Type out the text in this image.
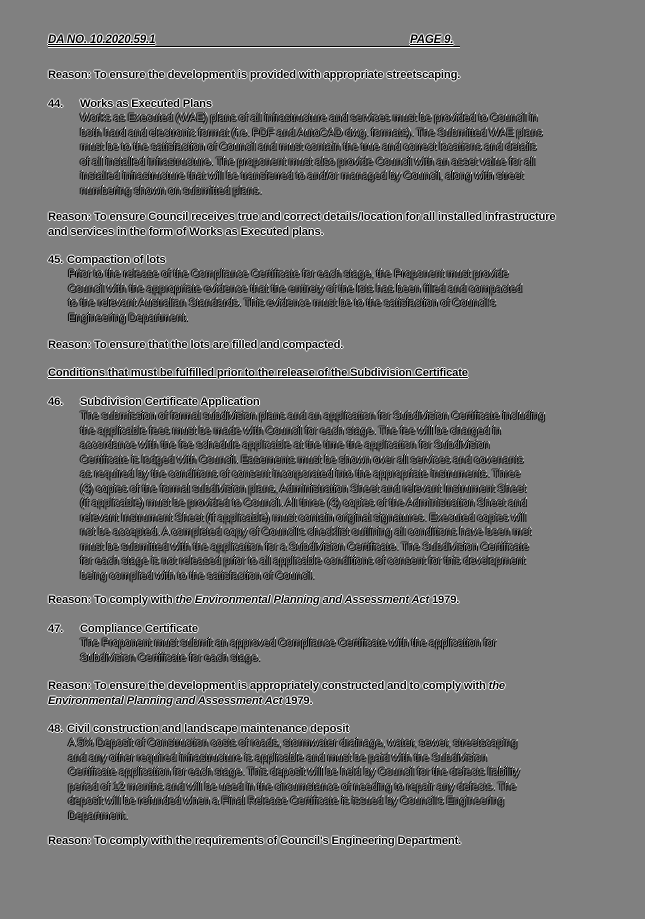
DA NO. 10.2020.59.1	PAGE 9.
Reason: To ensure the development is provided with appropriate streetscaping.
44. Works as Executed Plans

Works as Executed (WAE) plans of all infrastructure and services must be provided to Council in

both hard and electronic format (i.e. PDF and AutoCAD dwg. formats). The Submitted WAE plans

must be to the satisfaction of Council and must contain the true and correct locations and details

of all installed infrastructure. The proponent must also provide Council with an asset value for all

installed infrastructure that will be transferred to and/or managed by Council, along with street

numbering shown on submitted plans.

Reason: To ensure Council receives true and correct details/location for all installed infrastructure and services in the form of Works as Executed plans.
45. Compaction of lots

Prior to the release of the Compliance Certificate for each stage, the Proponent must provide

Council with the appropriate evidence that the entirety of the lots has been filled and compacted

to the relevant Australian Standards. This evidence must be to the satisfaction of Council's

Engineering Department.

Reason: To ensure that the lots are filled and compacted.
Conditions that must be fulfilled prior to the release of the Subdivision Certificate
46. Subdivision Certificate Application

The submission of formal subdivision plans and an application for Subdivision Certificate including

the applicable fees must be made with Council for each stage. The fee will be charged in

accordance with the fee schedule applicable at the time the application for Subdivision

Certificate is lodged with Council. Easements must be shown over all services and covenants

as required by the conditions of consent incorporated into the appropriate instruments. Three

(3) copies of the formal subdivision plans, Administration Sheet and relevant Instrument Sheet

(if applicable) must be provided to Council. All three (3) copies of the Administration Sheet and

relevant Instrument Sheet (if applicable) must contain original signatures. Executed copies will

not be accepted. A completed copy of Council's checklist outlining all conditions have been met

must be submitted with the application for a Subdivision Certificate. The Subdivision Certificate

for each stage is not released prior to all applicable conditions of consent for this development

being complied with to the satisfaction of Council.

Reason: To comply with the Environmental Planning and Assessment Act 1979.
47. Compliance Certificate

The Proponent must submit an approved Compliance Certificate with the application for

Subdivision Certificate for each stage.

Reason: To ensure the development is appropriately constructed and to comply with the Environmental Planning and Assessment Act 1979.
48. Civil construction and landscape maintenance deposit

A 5% Deposit of Construction costs of roads, stormwater drainage, water, sewer, streetscaping

and any other required infrastructure is applicable and must be paid with the Subdivision

Certificate application for each stage. This deposit will be held by Council for the defects liability

period of 12 months and will be used in the circumstance of needing to repair any defects. The

deposit will be refunded when a Final Release Certificate is issued by Council's Engineering

Department.

Reason: To comply with the requirements of Council's Engineering Department.
